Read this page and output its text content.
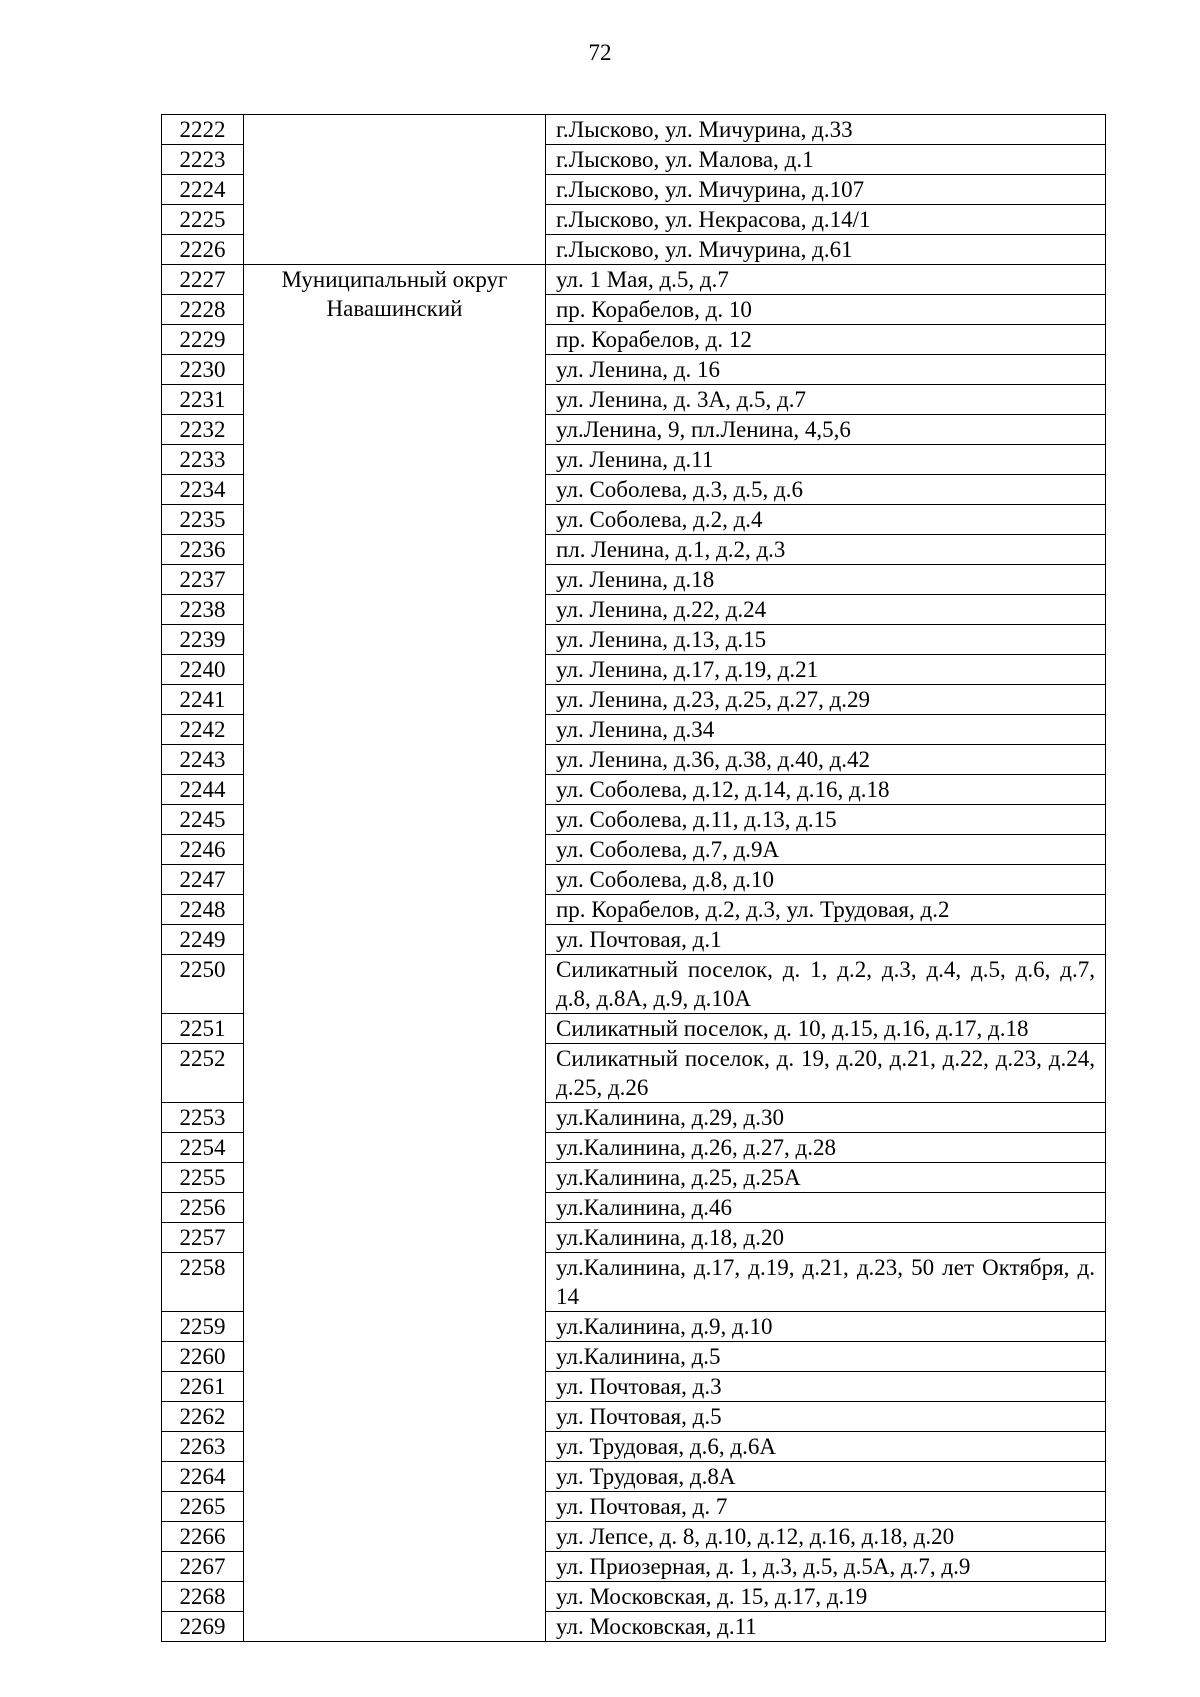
72
2222		г.Лысково, ул. Мичурина, д.33
2223		г.Лысково, ул. Малова, д.1
2224		г.Лысково, ул. Мичурина, д.107
2225		г.Лысково, ул. Некрасова, д.14/1
2226		г.Лысково, ул. Мичурина, д.61
2227	Муниципальный округ Навашинский	ул. 1 Мая, д.5, д.7
2228		пр. Корабелов, д. 10
2229		пр. Корабелов, д. 12
2230		ул. Ленина, д. 16
2231		ул. Ленина, д. 3А, д.5, д.7
2232		ул.Ленина, 9, пл.Ленина, 4,5,6
2233		ул. Ленина, д.11
2234		ул. Соболева, д.3, д.5, д.6
2235		ул. Соболева, д.2, д.4
2236		пл. Ленина, д.1, д.2, д.3
2237		ул. Ленина, д.18
2238		ул. Ленина, д.22, д.24
2239		ул. Ленина, д.13, д.15
2240		ул. Ленина, д.17, д.19, д.21
2241		ул. Ленина, д.23, д.25, д.27, д.29
2242		ул. Ленина, д.34
2243		ул. Ленина, д.36, д.38, д.40, д.42
2244		ул. Соболева, д.12, д.14, д.16, д.18
2245		ул. Соболева, д.11, д.13, д.15
2246		ул. Соболева, д.7, д.9А
2247		ул. Соболева, д.8, д.10
2248		пр. Корабелов, д.2, д.3, ул. Трудовая, д.2
2249		ул. Почтовая, д.1
2250		Силикатный поселок, д. 1, д.2, д.3, д.4, д.5, д.6, д.7, д.8, д.8А, д.9, д.10А
2251		Силикатный поселок, д. 10, д.15, д.16, д.17, д.18
2252		Силикатный поселок, д. 19, д.20, д.21, д.22, д.23, д.24, д.25, д.26
2253		ул.Калинина, д.29, д.30
2254		ул.Калинина, д.26, д.27, д.28
2255		ул.Калинина, д.25, д.25А
2256		ул.Калинина, д.46
2257		ул.Калинина, д.18, д.20
2258		ул.Калинина, д.17, д.19, д.21, д.23, 50 лет Октября, д. 14
2259		ул.Калинина, д.9, д.10
2260		ул.Калинина, д.5
2261		ул. Почтовая, д.3
2262		ул. Почтовая, д.5
2263		ул. Трудовая, д.6, д.6А
2264		ул. Трудовая, д.8А
2265		ул. Почтовая, д. 7
2266		ул. Лепсе, д. 8, д.10, д.12, д.16, д.18, д.20
2267		ул. Приозерная, д. 1, д.3, д.5, д.5А, д.7, д.9
2268		ул. Московская, д. 15, д.17, д.19
2269		ул. Московская, д.11
